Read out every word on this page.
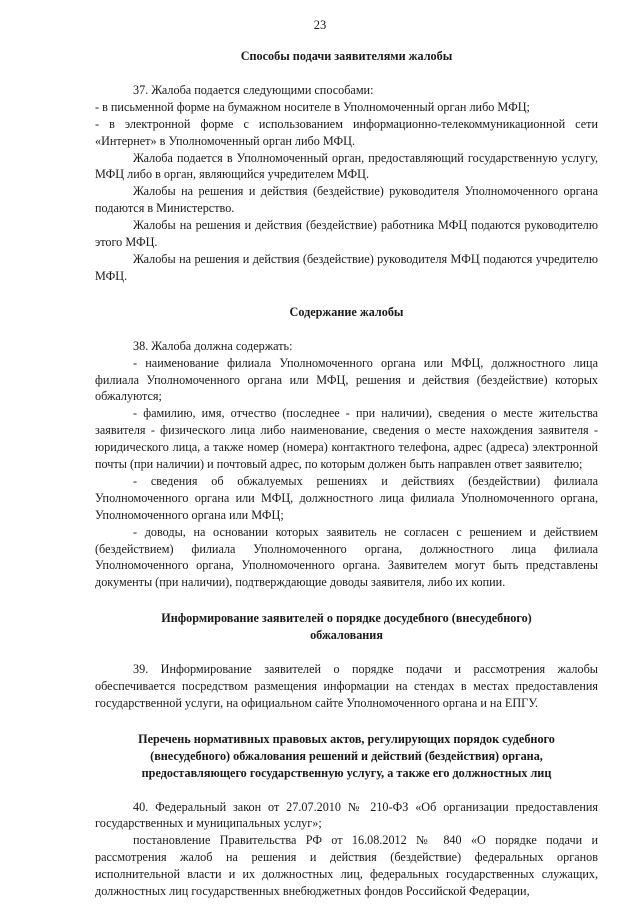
23
Способы подачи заявителями жалобы

37. Жалоба подается следующими способами:

- в письменной форме на бумажном носителе в Уполномоченный орган либо МФЦ;

- в электронной форме с использованием информационно-телекоммуникационной сети «Интернет» в Уполномоченный орган либо МФЦ.

Жалоба подается в Уполномоченный орган, предоставляющий государственную услугу, МФЦ либо в орган, являющийся учредителем МФЦ.

Жалобы на решения и действия (бездействие) руководителя Уполномоченного органа подаются в Министерство.

Жалобы на решения и действия (бездействие) работника МФЦ подаются руководителю этого МФЦ.

Жалобы на решения и действия (бездействие) руководителя МФЦ подаются учредителю МФЦ.

Содержание жалобы

38. Жалоба должна содержать:

- наименование филиала Уполномоченного органа или МФЦ, должностного лица филиала Уполномоченного органа или МФЦ, решения и действия (бездействие) которых обжалуются;

- фамилию, имя, отчество (последнее - при наличии), сведения о месте жительства заявителя - физического лица либо наименование, сведения о месте нахождения заявителя - юридического лица, а также номер (номера) контактного телефона, адрес (адреса) электронной почты (при наличии) и почтовый адрес, по которым должен быть направлен ответ заявителю;

- сведения об обжалуемых решениях и действиях (бездействии) филиала Уполномоченного органа или МФЦ, должностного лица филиала Уполномоченного органа, Уполномоченного органа или МФЦ;

- доводы, на основании которых заявитель не согласен с решением и действием (бездействием) филиала Уполномоченного органа, должностного лица филиала Уполномоченного органа, Уполномоченного органа. Заявителем могут быть представлены документы (при наличии), подтверждающие доводы заявителя, либо их копии.

Информирование заявителей о порядке досудебного (внесудебного)
обжалования

39. Информирование заявителей о порядке подачи и рассмотрения жалобы обеспечивается посредством размещения информации на стендах в местах предоставления государственной услуги, на официальном сайте Уполномоченного органа и на ЕПГУ.

Перечень нормативных правовых актов, регулирующих порядок судебного
(внесудебного) обжалования решений и действий (бездействия) органа,
предоставляющего государственную услугу, а также его должностных лиц

40. Федеральный закон от 27.07.2010 № 210-ФЗ «Об организации предоставления государственных и муниципальных услуг»;

постановление Правительства РФ от 16.08.2012 № 840 «О порядке подачи и рассмотрения жалоб на решения и действия (бездействие) федеральных органов исполнительной власти и их должностных лиц, федеральных государственных служащих, должностных лиц государственных внебюджетных фондов Российской Федерации,
